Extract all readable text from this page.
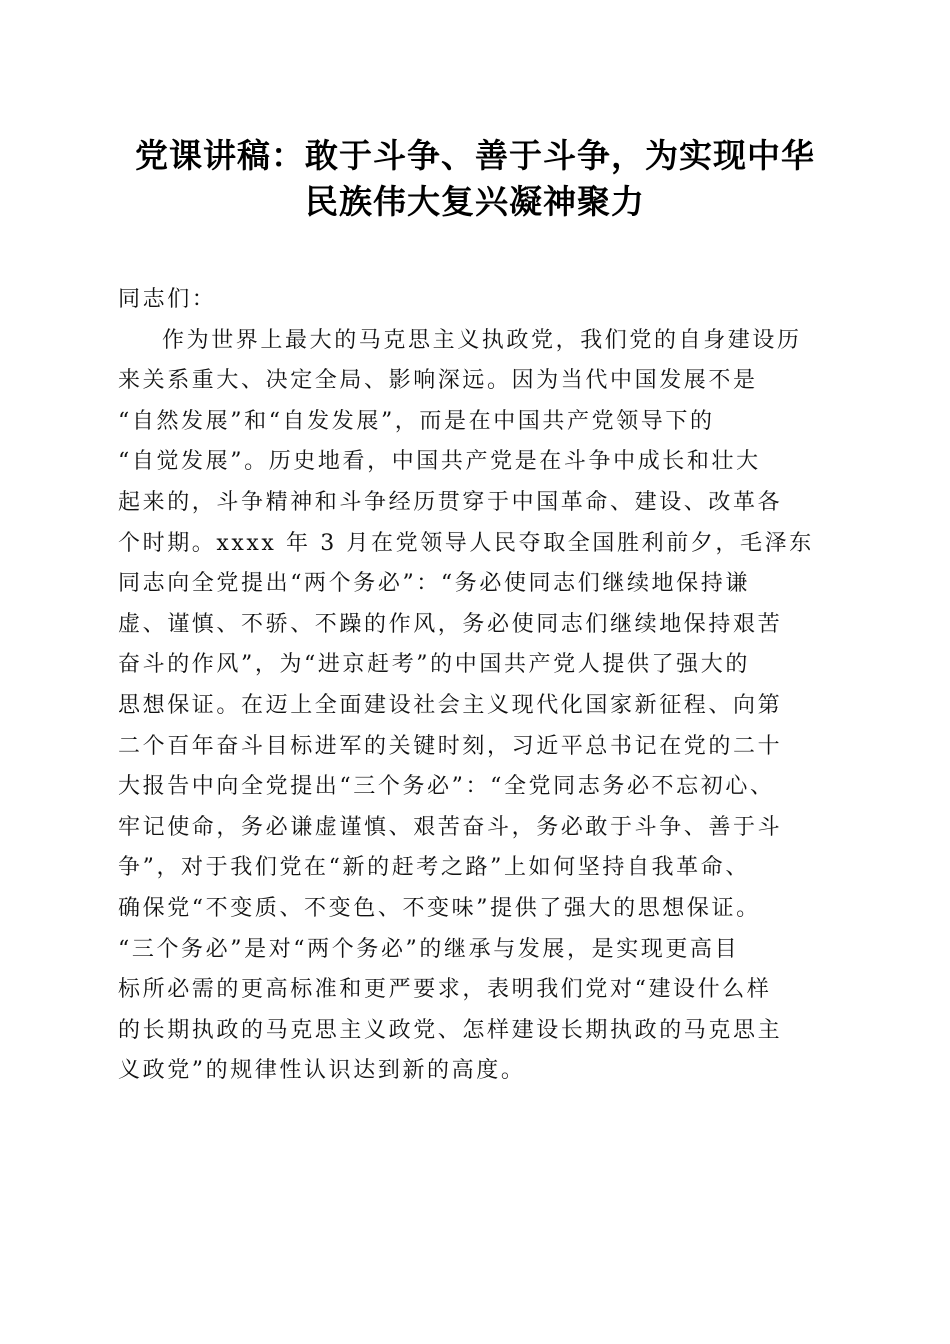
党课讲稿：敢于斗争、善于斗争，为实现中华
民族伟大复兴凝神聚力
同志们：
作为世界上最大的马克思主义执政党，我们党的自身建设历
来关系重大、决定全局、影响深远。因为当代中国发展不是
“自然发展”和“自发发展”，而是在中国共产党领导下的
“自觉发展”。历史地看，中国共产党是在斗争中成长和壮大
起来的，斗争精神和斗争经历贯穿于中国革命、建设、改革各
个时期。xxxx 年 3 月在党领导人民夺取全国胜利前夕，毛泽东
同志向全党提出“两个务必”：“务必使同志们继续地保持谦
虚、谨慎、不骄、不躁的作风，务必使同志们继续地保持艰苦
奋斗的作风”，为“进京赶考”的中国共产党人提供了强大的
思想保证。在迈上全面建设社会主义现代化国家新征程、向第
二个百年奋斗目标进军的关键时刻，习近平总书记在党的二十
大报告中向全党提出“三个务必”：“全党同志务必不忘初心、
牢记使命，务必谦虚谨慎、艰苦奋斗，务必敢于斗争、善于斗
争”，对于我们党在“新的赶考之路”上如何坚持自我革命、
确保党“不变质、不变色、不变味”提供了强大的思想保证。
“三个务必”是对“两个务必”的继承与发展，是实现更高目
标所必需的更高标准和更严要求，表明我们党对“建设什么样
的长期执政的马克思主义政党、怎样建设长期执政的马克思主
义政党”的规律性认识达到新的高度。
